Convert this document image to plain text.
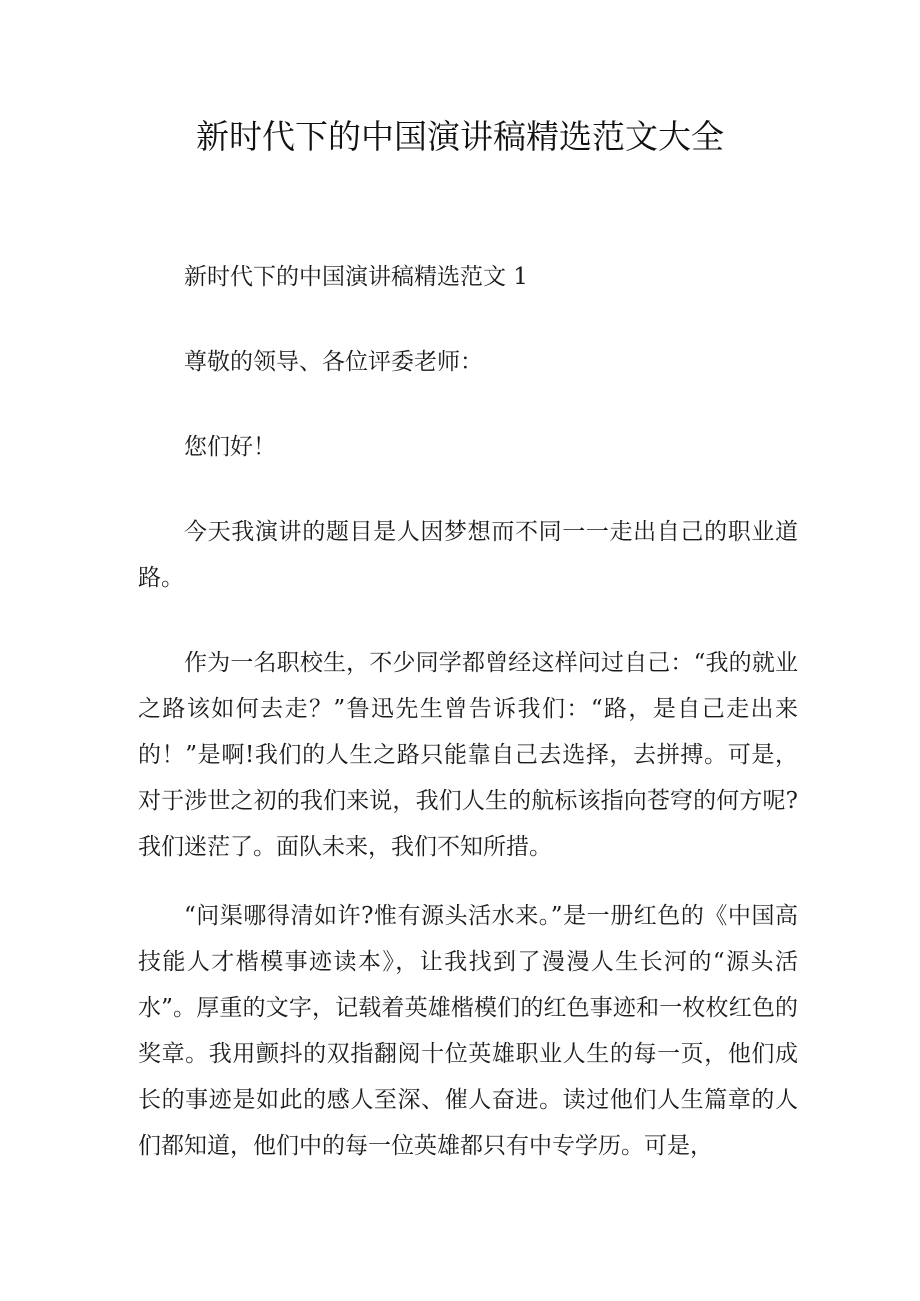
新时代下的中国演讲稿精选范文大全

新时代下的中国演讲稿精选范文 1

尊敬的领导、各位评委老师：

您们好！

今天我演讲的题目是人因梦想而不同一一走出自己的职业道路。

作为一名职校生，不少同学都曾经这样问过自己：“我的就业之路该如何去走？”鲁迅先生曾告诉我们：“路，是自己走出来的！”是啊!我们的人生之路只能靠自己去选择，去拼搏。可是，对于涉世之初的我们来说，我们人生的航标该指向苍穹的何方呢?我们迷茫了。面队未来，我们不知所措。

“问渠哪得清如许?惟有源头活水来。”是一册红色的《中国高技能人才楷模事迹读本》，让我找到了漫漫人生长河的“源头活水”。厚重的文字，记载着英雄楷模们的红色事迹和一枚枚红色的奖章。我用颤抖的双指翻阅十位英雄职业人生的每一页，他们成长的事迹是如此的感人至深、催人奋进。读过他们人生篇章的人们都知道，他们中的每一位英雄都只有中专学历。可是，
